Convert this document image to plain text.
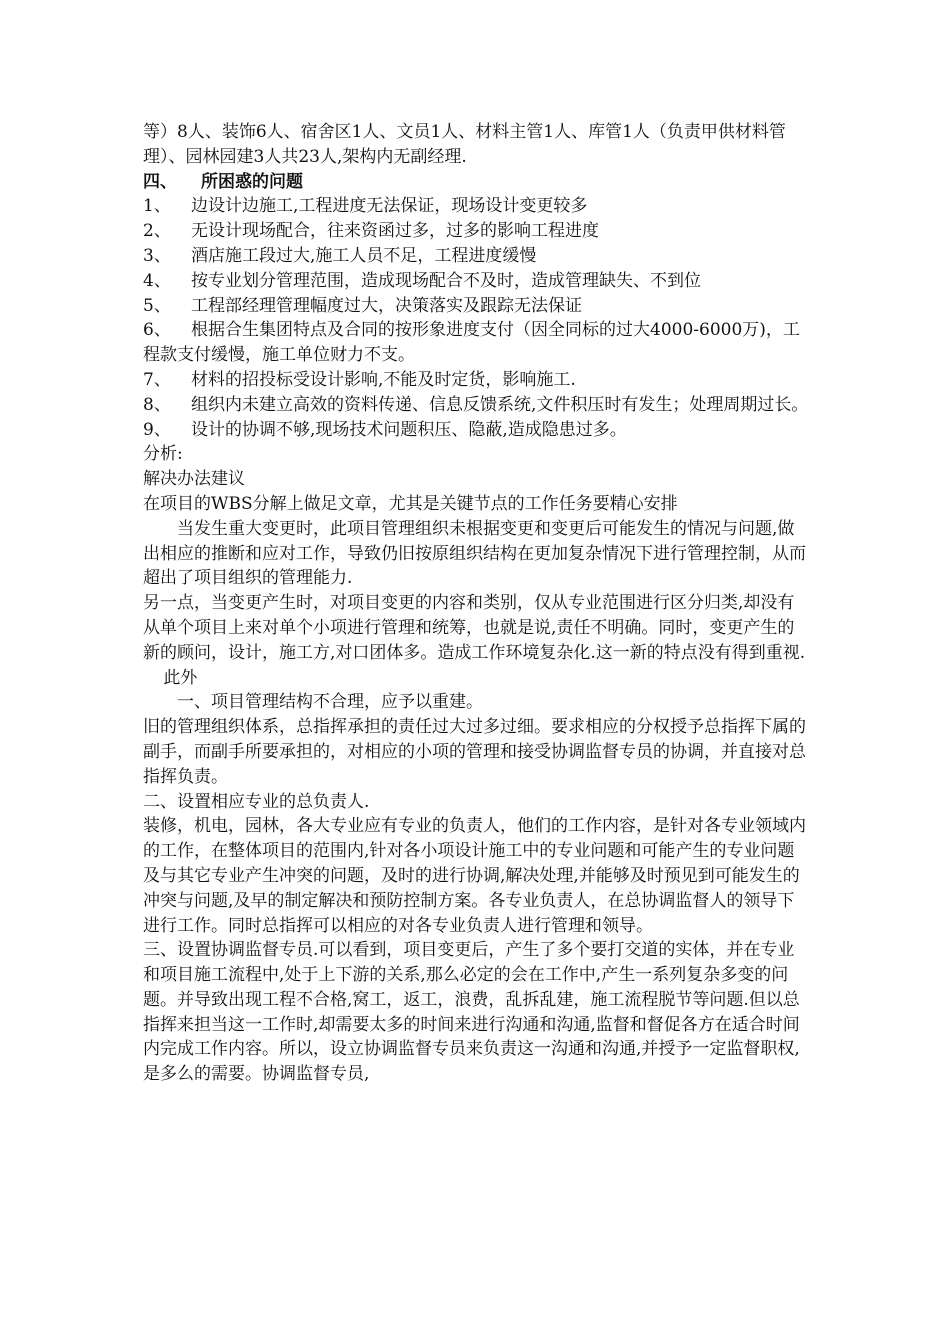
等）8人、装饰6人、宿舍区1人、文员1人、材料主管1人、库管1人（负责甲供材料管理）、园林园建3人共23人,架构内无副经理.

四、 所困惑的问题

1、 边设计边施工,工程进度无法保证，现场设计变更较多

2、 无设计现场配合，往来资函过多，过多的影响工程进度

3、 酒店施工段过大,施工人员不足，工程进度缓慢

4、 按专业划分管理范围，造成现场配合不及时，造成管理缺失、不到位

5、 工程部经理管理幅度过大，决策落实及跟踪无法保证

6、 根据合生集团特点及合同的按形象进度支付（因全同标的过大4000-6000万)，工程款支付缓慢，施工单位财力不支。

7、 材料的招投标受设计影响,不能及时定货，影响施工.

8、 组织内未建立高效的资料传递、信息反馈系统,文件积压时有发生；处理周期过长。

9、 设计的协调不够,现场技术问题积压、隐蔽,造成隐患过多。

分析:

解决办法建议

在项目的WBS分解上做足文章，尤其是关键节点的工作任务要精心安排

当发生重大变更时，此项目管理组织未根据变更和变更后可能发生的情况与问题,做出相应的推断和应对工作，导致仍旧按原组织结构在更加复杂情况下进行管理控制，从而超出了项目组织的管理能力.

另一点，当变更产生时，对项目变更的内容和类别，仅从专业范围进行区分归类,却没有从单个项目上来对单个小项进行管理和统筹，也就是说,责任不明确。同时，变更产生的新的顾问，设计，施工方,对口团体多。造成工作环境复杂化.这一新的特点没有得到重视.

此外

一、项目管理结构不合理，应予以重建。

旧的管理组织体系，总指挥承担的责任过大过多过细。要求相应的分权授予总指挥下属的副手，而副手所要承担的，对相应的小项的管理和接受协调监督专员的协调，并直接对总指挥负责。

二、设置相应专业的总负责人.

装修，机电，园林，各大专业应有专业的负责人，他们的工作内容，是针对各专业领域内的工作，在整体项目的范围内,针对各小项设计施工中的专业问题和可能产生的专业问题及与其它专业产生冲突的问题，及时的进行协调,解决处理,并能够及时预见到可能发生的冲突与问题,及早的制定解决和预防控制方案。各专业负责人，在总协调监督人的领导下进行工作。同时总指挥可以相应的对各专业负责人进行管理和领导。

三、设置协调监督专员.可以看到，项目变更后，产生了多个要打交道的实体，并在专业和项目施工流程中,处于上下游的关系,那么必定的会在工作中,产生一系列复杂多变的问题。并导致出现工程不合格,窝工，返工，浪费，乱拆乱建，施工流程脱节等问题.但以总指挥来担当这一工作时,却需要太多的时间来进行沟通和沟通,监督和督促各方在适合时间内完成工作内容。所以，设立协调监督专员来负责这一沟通和沟通,并授予一定监督职权,是多么的需要。协调监督专员,
